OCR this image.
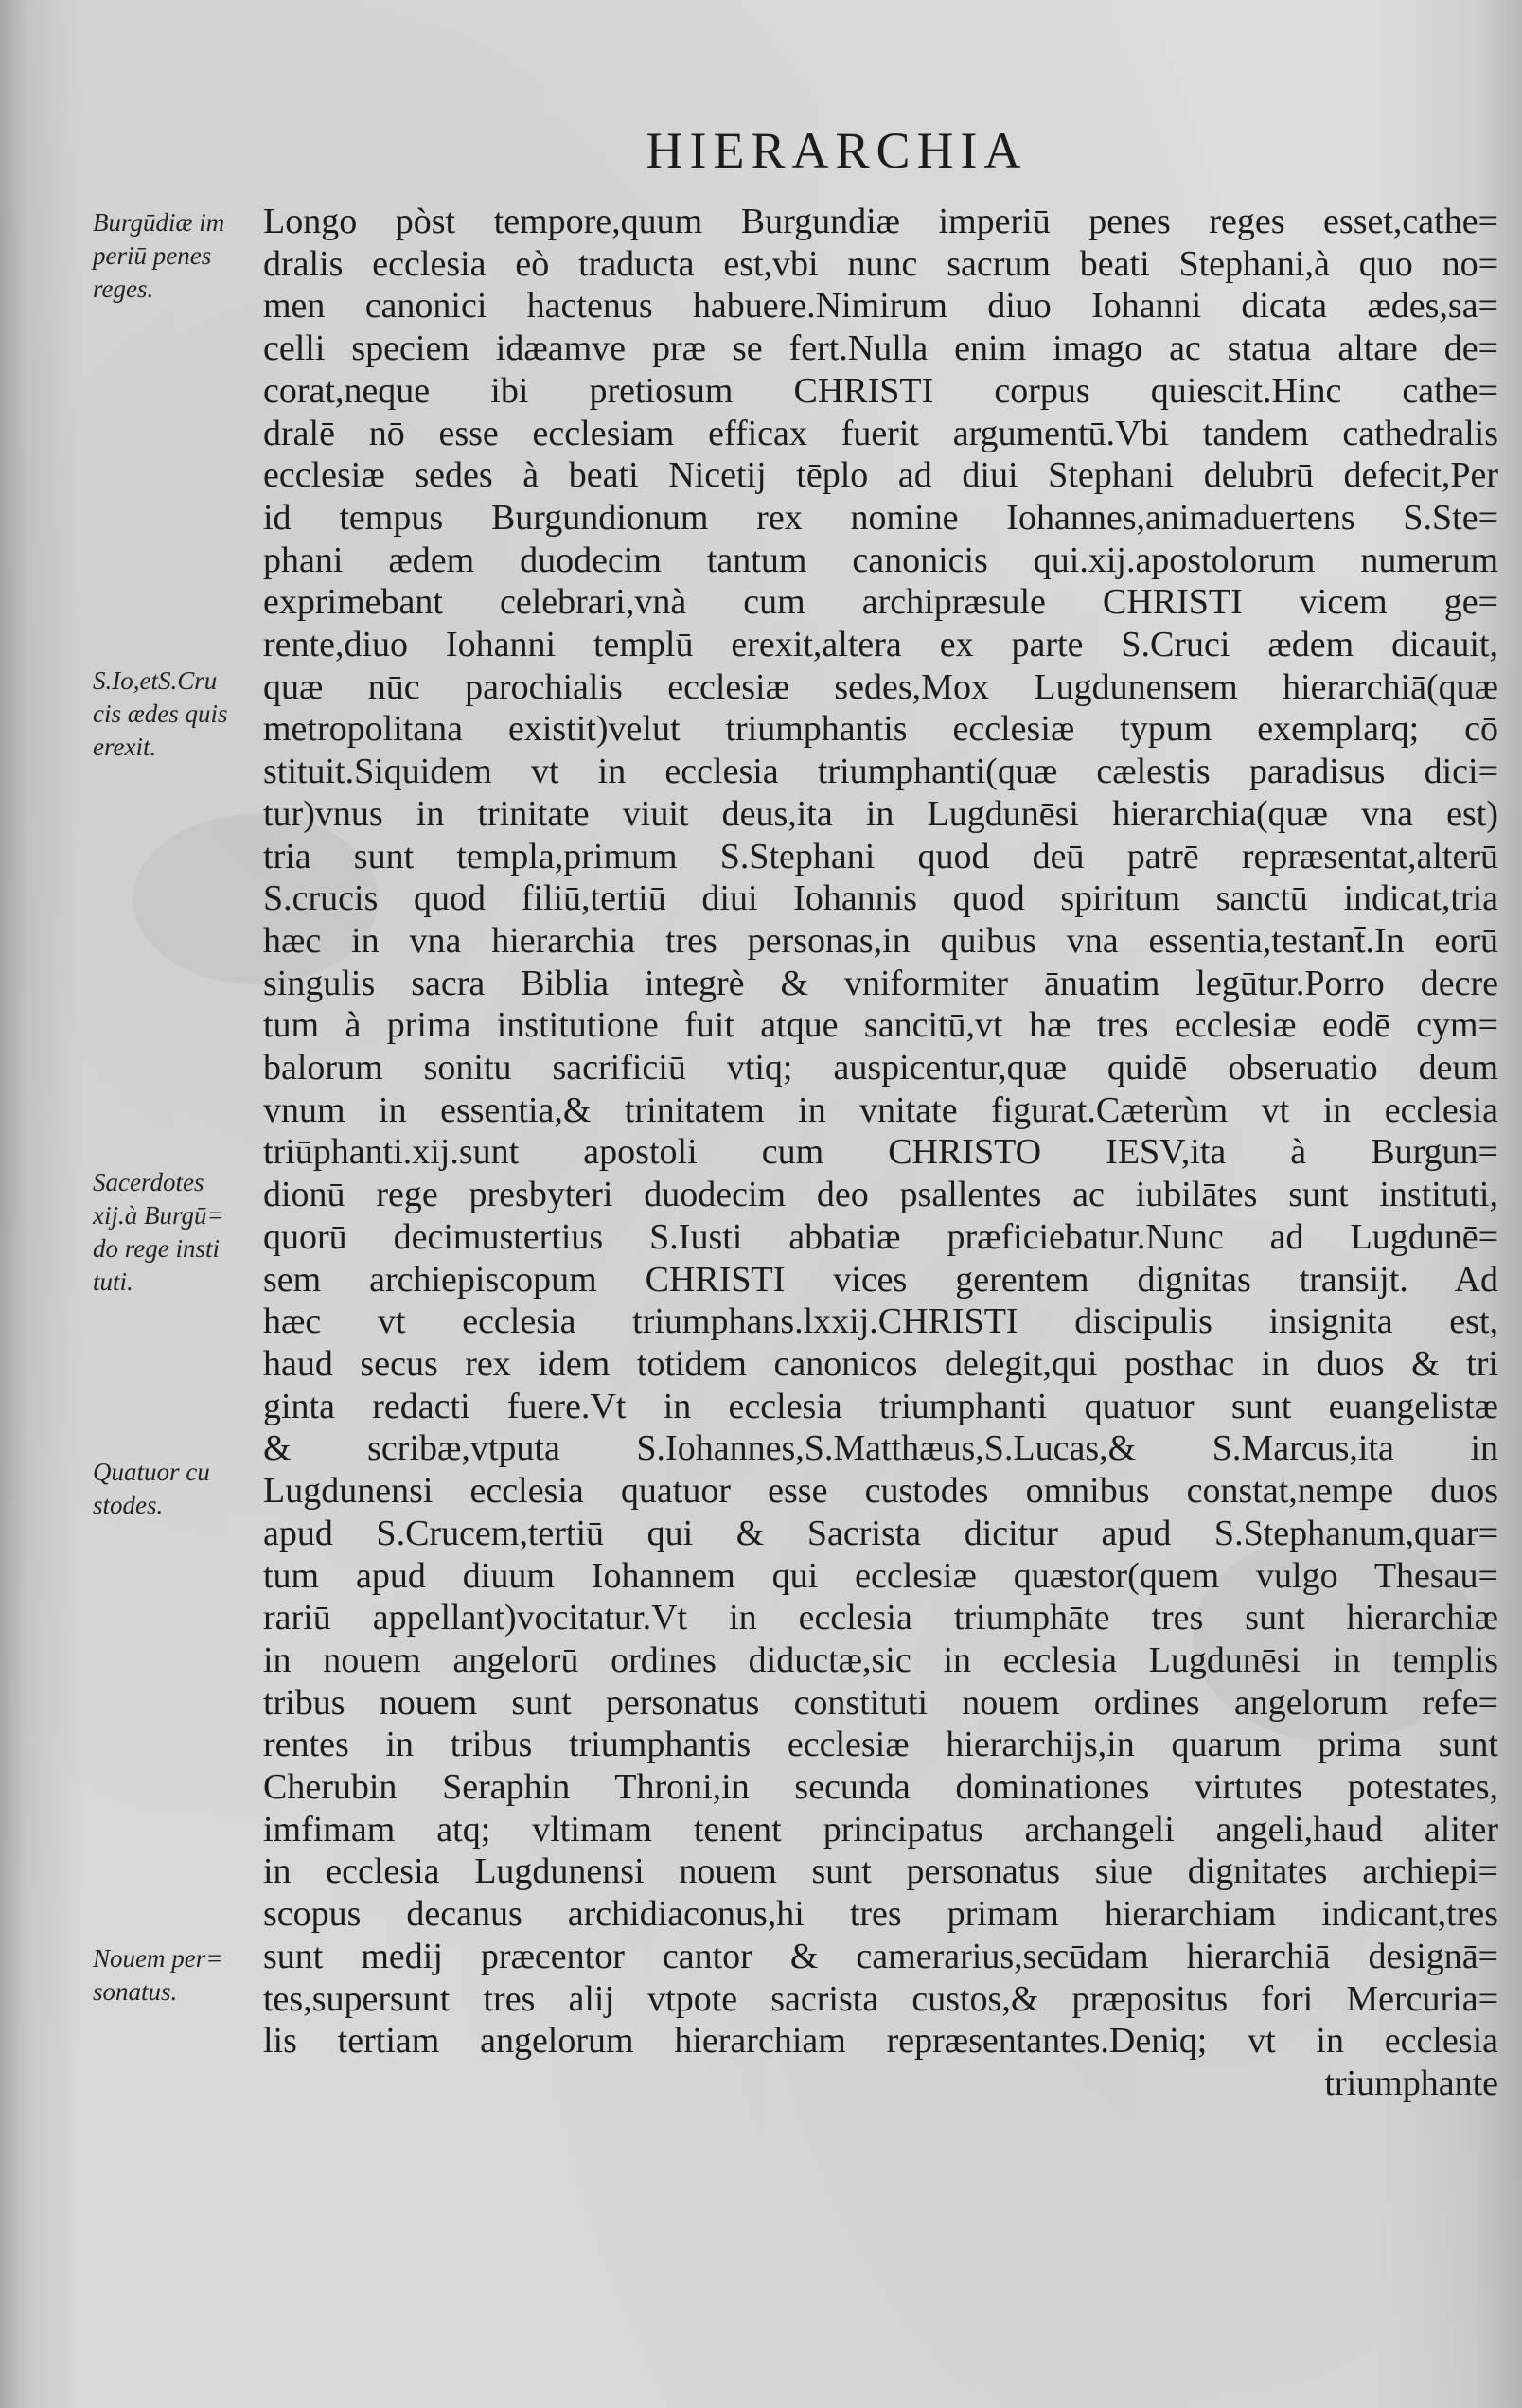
HIERARCHIA
Burgūdiæ im
periū penes
reges.
S.Io,etS.Cru
cis ædes quis
erexit.
Sacerdotes
xij.à Burgū=
do rege insti
tuti.
Quatuor cu
stodes.
Nouem per=
sonatus.
Longo pòst tempore,quum Burgundiæ imperiū penes reges esset,cathe=
dralis ecclesia eò traducta est,vbi nunc sacrum beati Stephani,à quo no=
men canonici hactenus habuere.Nimirum diuo Iohanni dicata ædes,sa=
celli speciem idæamve præ se fert.Nulla enim imago ac statua altare de=
corat,neque ibi pretiosum CHRISTI corpus quiescit.Hinc cathe=
dralē nō esse ecclesiam efficax fuerit argumentū.Vbi tandem cathedralis
ecclesiæ sedes à beati Nicetij tēplo ad diui Stephani delubrū defecit,Per
id tempus Burgundionum rex nomine Iohannes,animaduertens S.Ste=
phani ædem duodecim tantum canonicis qui.xij.apostolorum numerum
exprimebant celebrari,vnà cum archipræsule CHRISTI vicem ge=
rente,diuo Iohanni templū erexit,altera ex parte S.Cruci ædem dicauit,
quæ nūc parochialis ecclesiæ sedes,Mox Lugdunensem hierarchiā(quæ
metropolitana existit)velut triumphantis ecclesiæ typum exemplarq; cō
stituit.Siquidem vt in ecclesia triumphanti(quæ cælestis paradisus dici=
tur)vnus in trinitate viuit deus,ita in Lugdunēsi hierarchia(quæ vna est)
tria sunt templa,primum S.Stephani quod deū patrē repræsentat,alterū
S.crucis quod filiū,tertiū diui Iohannis quod spiritum sanctū indicat,tria
hæc in vna hierarchia tres personas,in quibus vna essentia,testant̄.In eorū
singulis sacra Biblia integrè & vniformiter ānuatim legūtur.Porro decre
tum à prima institutione fuit atque sancitū,vt hæ tres ecclesiæ eodē cym=
balorum sonitu sacrificiū vtiq; auspicentur,quæ quidē obseruatio deum
vnum in essentia,& trinitatem in vnitate figurat.Cæterùm vt in ecclesia
triūphanti.xij.sunt apostoli cum CHRISTO IESV,ita à Burgun=
dionū rege presbyteri duodecim deo psallentes ac iubilātes sunt instituti,
quorū decimustertius S.Iusti abbatiæ præficiebatur.Nunc ad Lugdunē=
sem archiepiscopum CHRISTI vices gerentem dignitas transijt. Ad
hæc vt ecclesia triumphans.lxxij.CHRISTI discipulis insignita est,
haud secus rex idem totidem canonicos delegit,qui posthac in duos & tri
ginta redacti fuere.Vt in ecclesia triumphanti quatuor sunt euangelistæ
& scribæ,vtputa S.Iohannes,S.Matthæus,S.Lucas,& S.Marcus,ita in
Lugdunensi ecclesia quatuor esse custodes omnibus constat,nempe duos
apud S.Crucem,tertiū qui & Sacrista dicitur apud S.Stephanum,quar=
tum apud diuum Iohannem qui ecclesiæ quæstor(quem vulgo Thesau=
rariū appellant)vocitatur.Vt in ecclesia triumphāte tres sunt hierarchiæ
in nouem angelorū ordines diductæ,sic in ecclesia Lugdunēsi in templis
tribus nouem sunt personatus constituti nouem ordines angelorum refe=
rentes in tribus triumphantis ecclesiæ hierarchijs,in quarum prima sunt
Cherubin Seraphin Throni,in secunda dominationes virtutes potestates,
imfimam atq; vltimam tenent principatus archangeli angeli,haud aliter
in ecclesia Lugdunensi nouem sunt personatus siue dignitates archiepi=
scopus decanus archidiaconus,hi tres primam hierarchiam indicant,tres
sunt medij præcentor cantor & camerarius,secūdam hierarchiā designā=
tes,supersunt tres alij vtpote sacrista custos,& præpositus fori Mercuria=
lis tertiam angelorum hierarchiam repræsentantes.Deniq; vt in ecclesia
triumphante
